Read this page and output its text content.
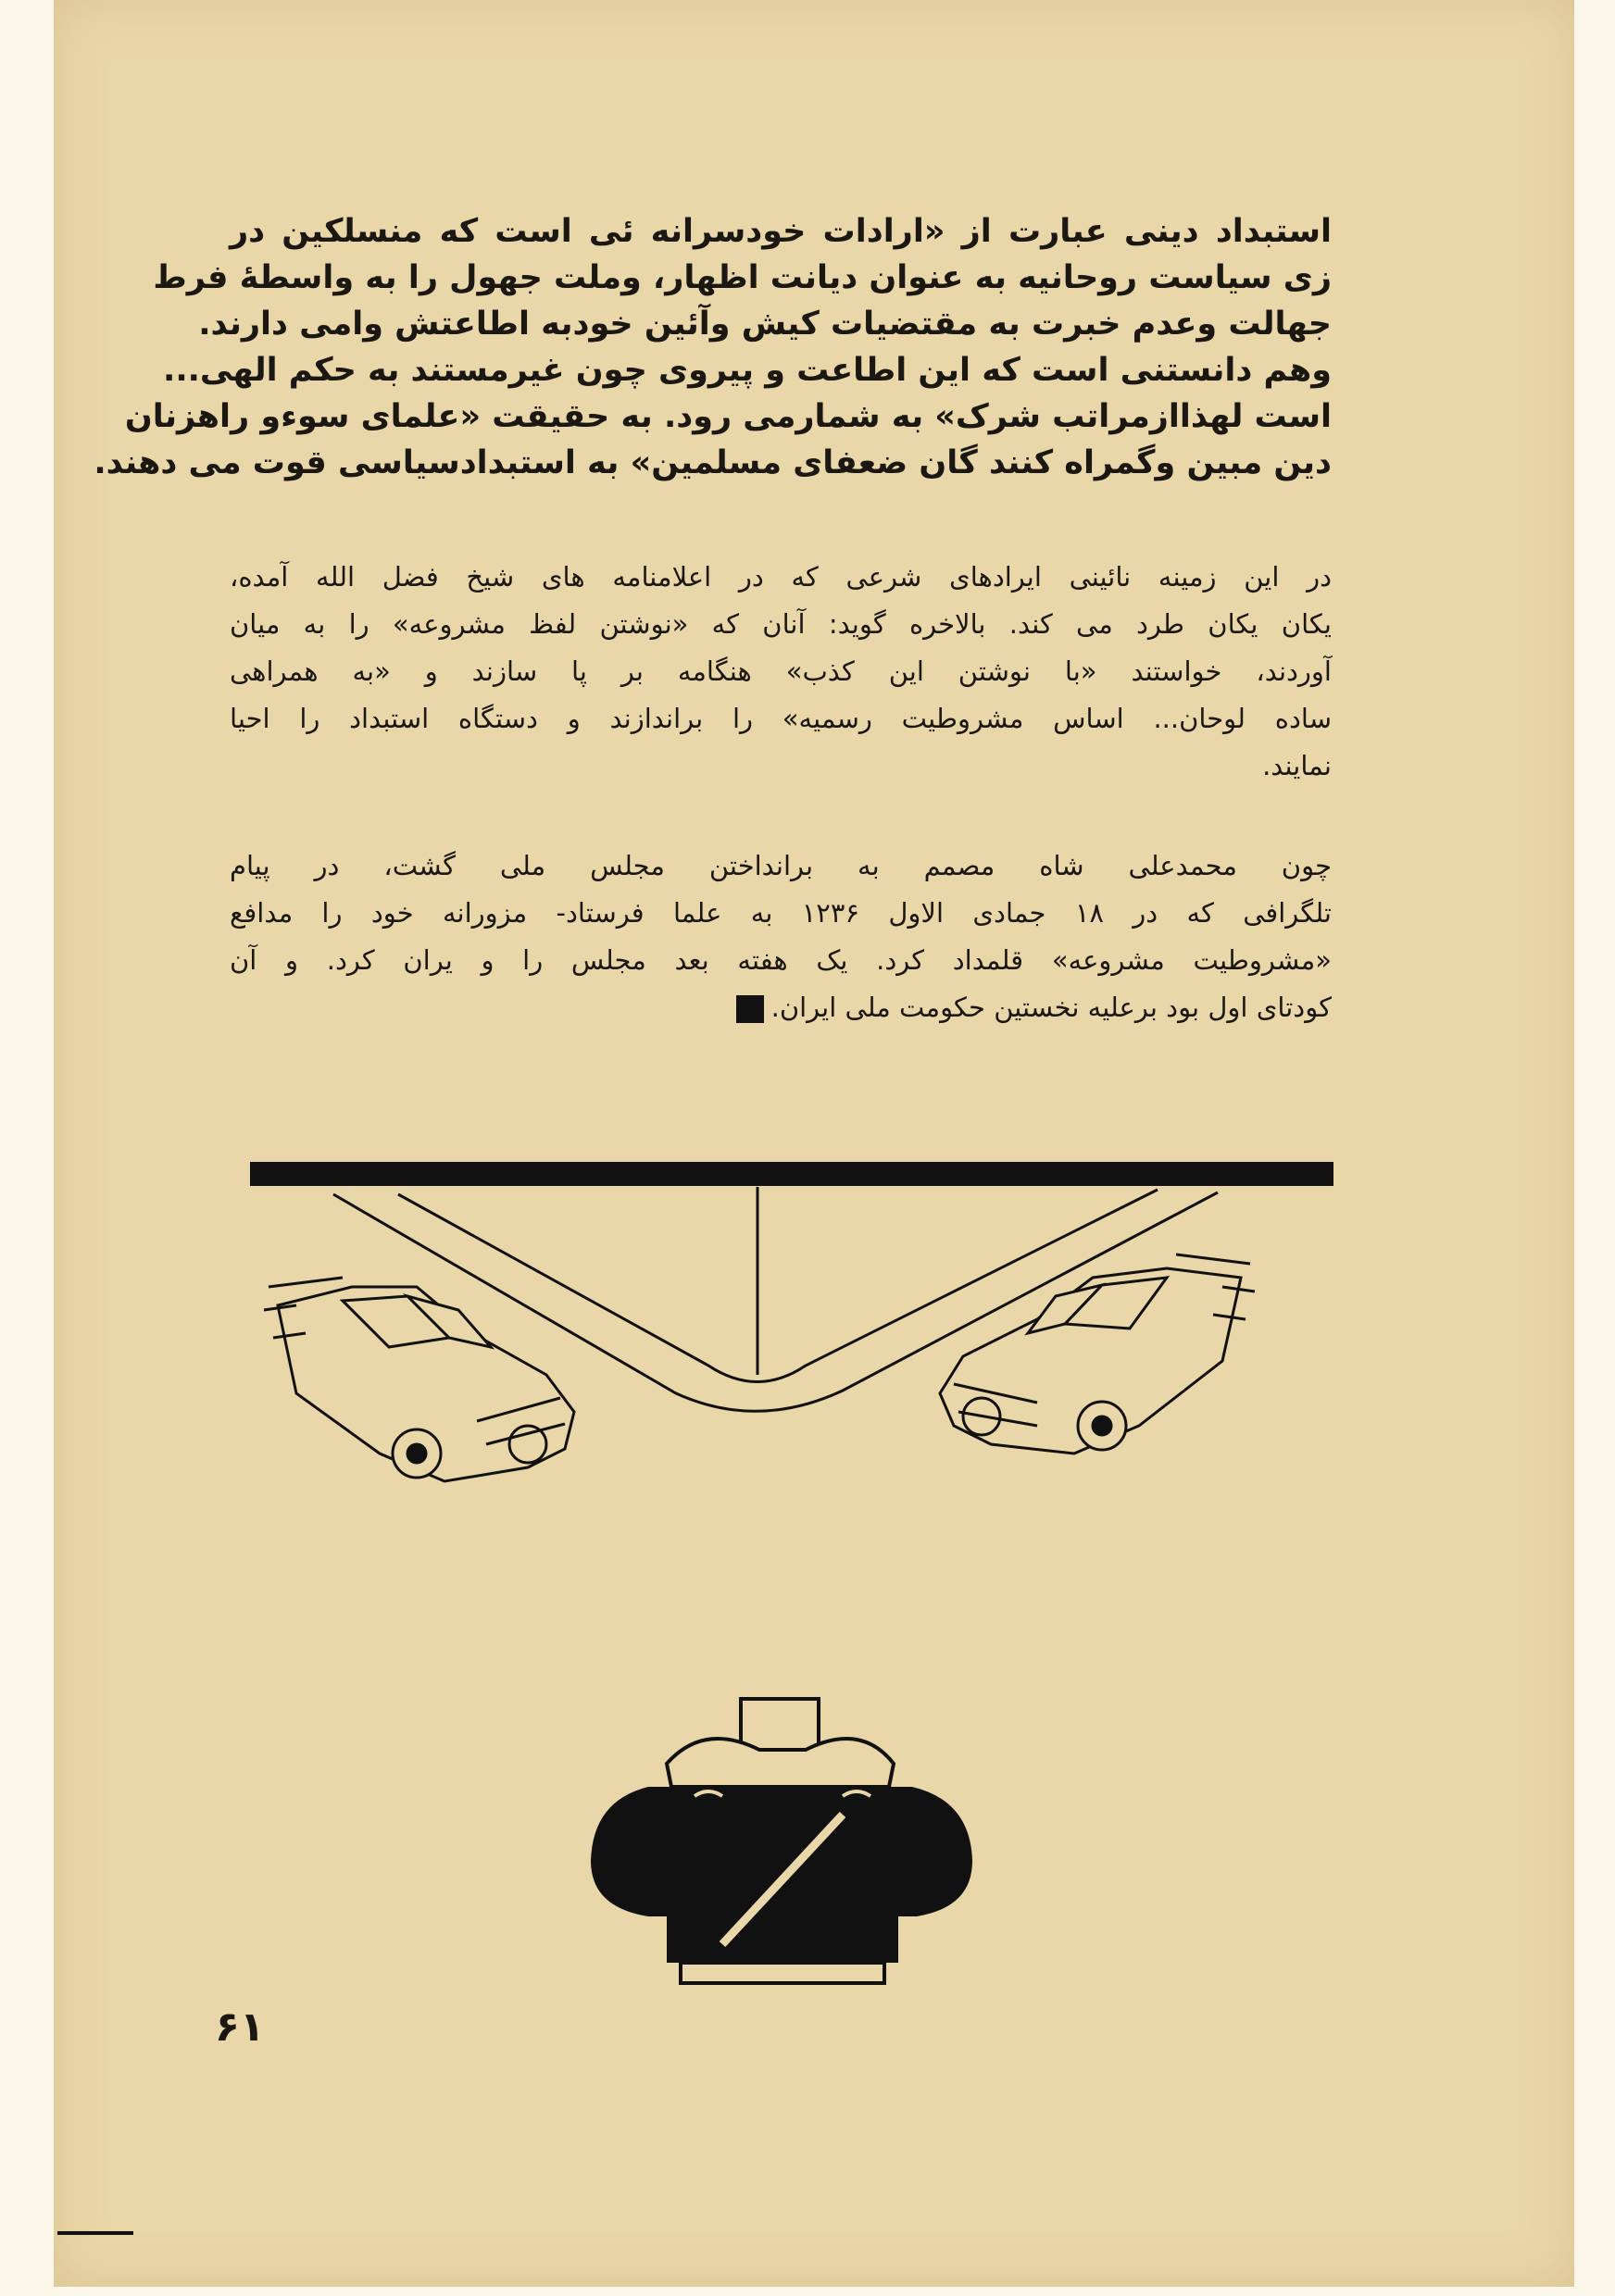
استبداد دینی عبارت از «ارادات خودسرانه ئی است که منسلکین در
زی سیاست روحانیه به عنوان دیانت اظهار، وملت جهول را به واسطهٔ فرط
جهالت وعدم خبرت به مقتضیات کیش وآئین خودبه اطاعتش وامی دارند.
وهم دانستنی است که این اطاعت و پیروی چون غیرمستند به حکم الهی...
است لهذاازمراتب شرک» به شمارمی رود. به حقیقت «علمای سوءو راهزنان
دین مبین وگمراه کنند گان ضعفای مسلمین» به استبدادسیاسی قوت می دهند.
در این زمینه نائینی ایرادهای شرعی که در اعلامنامه های شیخ فضل الله آمده،
یکان یکان طرد می کند. بالاخره گوید: آنان که «نوشتن لفظ مشروعه» را به میان
آوردند، خواستند «با نوشتن این کذب» هنگامه بر پا سازند و «به همراهی
ساده لوحان... اساس مشروطیت رسمیه» را براندازند و دستگاه استبداد را احیا
نمایند.
چون محمدعلی شاه مصمم به برانداختن مجلس ملی گشت، در پیام
تلگرافی که در ۱۸ جمادی الاول ۱۲۳۶ به علما فرستاد- مزورانه خود را مدافع
«مشروطیت مشروعه» قلمداد کرد. یک هفته بعد مجلس را و یران کرد. و آن
کودتای اول بود برعلیه نخستین حکومت ملی ایران.
۶۱
